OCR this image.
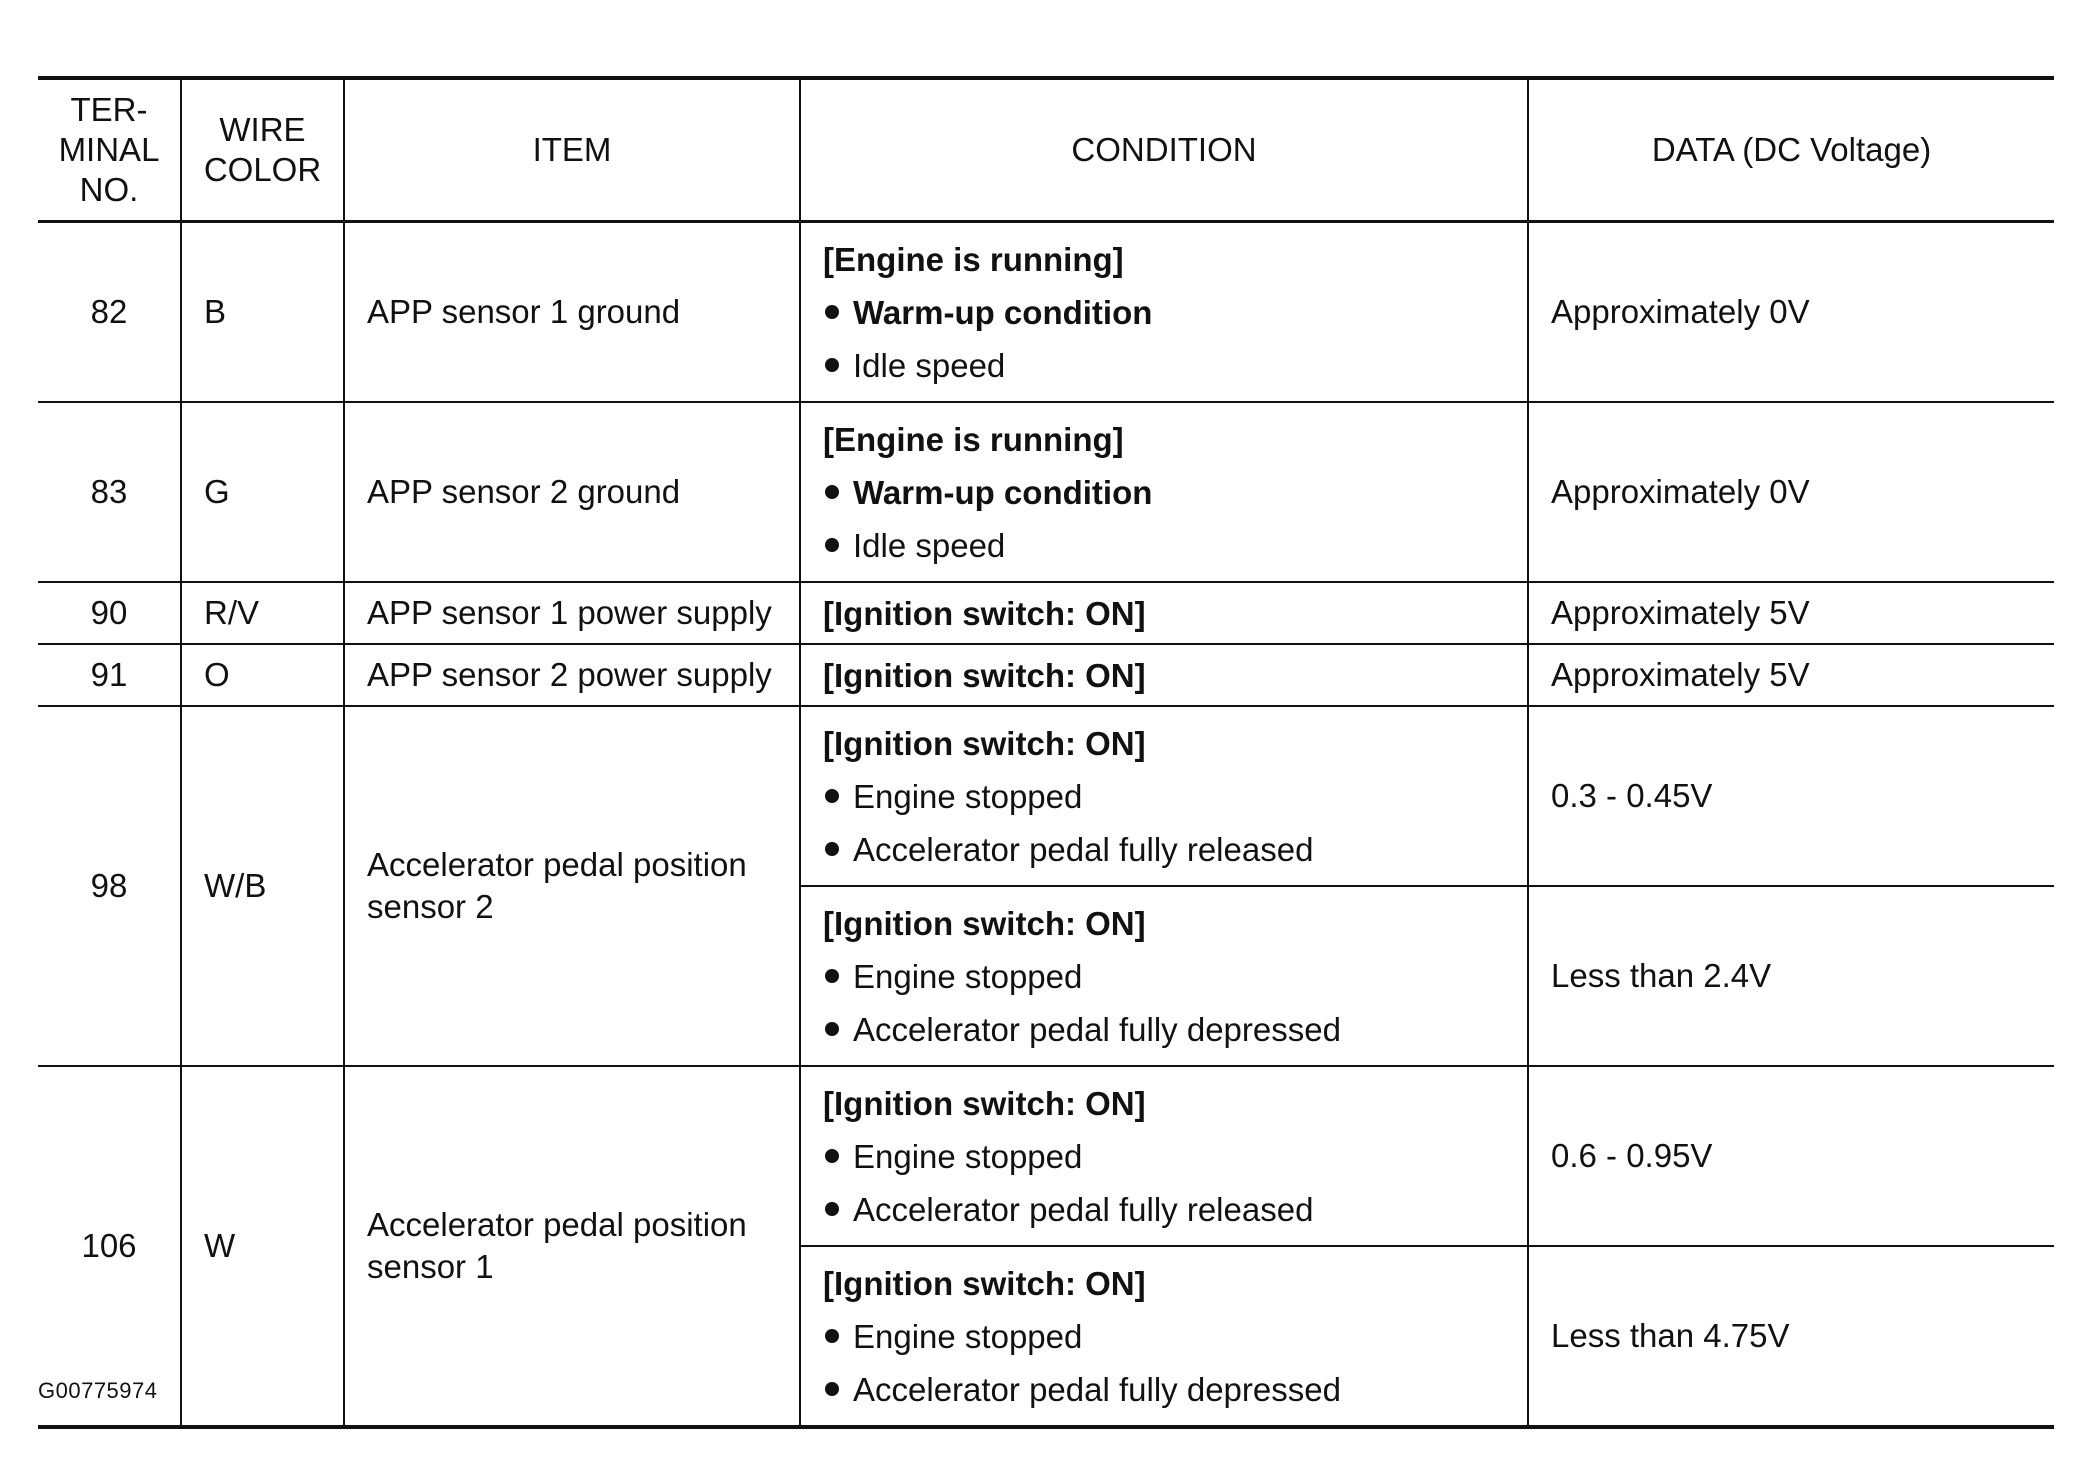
TER-
MINAL
NO.	WIRE
COLOR	ITEM	CONDITION	DATA (DC Voltage)
82	B	APP sensor 1 ground	[Engine is running]
Warm-up condition
Idle speed	Approximately 0V
83	G	APP sensor 2 ground	[Engine is running]
Warm-up condition
Idle speed	Approximately 0V
90	R/V	APP sensor 1 power supply	[Ignition switch: ON]	Approximately 5V
91	O	APP sensor 2 power supply	[Ignition switch: ON]	Approximately 5V
98	W/B	Accelerator pedal position sensor 2	[Ignition switch: ON]
Engine stopped
Accelerator pedal fully released	0.3 - 0.45V

			[Ignition switch: ON]
Engine stopped
Accelerator pedal fully depressed	Less than 2.4V
106	W	Accelerator pedal position sensor 1	[Ignition switch: ON]
Engine stopped
Accelerator pedal fully released	0.6 - 0.95V

			[Ignition switch: ON]
Engine stopped
Accelerator pedal fully depressed	Less than 4.75V
G00775974
